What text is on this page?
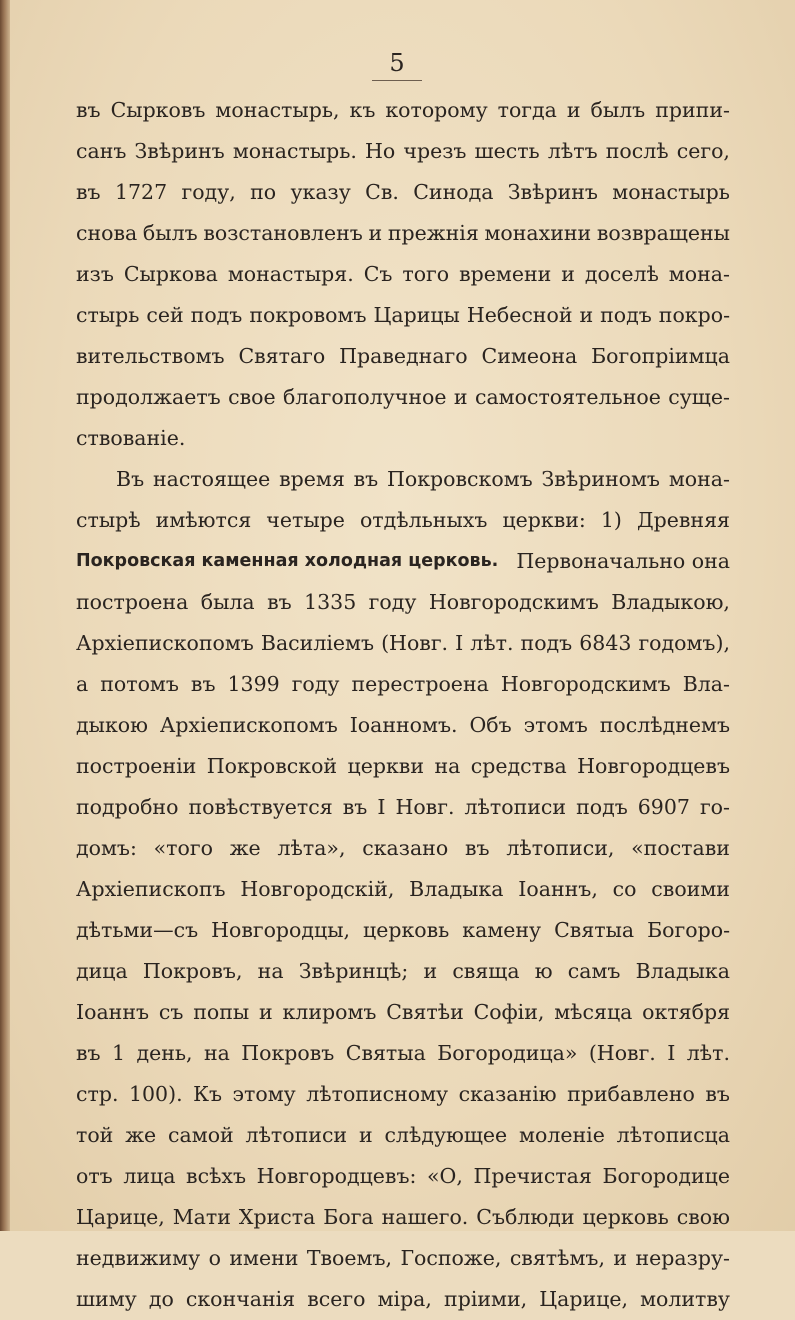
5
въ Сырковъ монастырь, къ которому тогда и былъ припи-
санъ Звѣринъ монастырь. Но чрезъ шесть лѣтъ послѣ сего,
въ 1727 году, по указу Св. Синода Звѣринъ монастырь
снова былъ возстановленъ и прежнія монахини возвращены
изъ Сыркова монастыря. Съ того времени и доселѣ мона-
стырь сей подъ покровомъ Царицы Небесной и подъ покро-
вительствомъ Святаго Праведнаго Симеона Богопріимца
продолжаетъ свое благополучное и самостоятельное суще-
ствованіе.
Въ настоящее время въ Покровскомъ Звѣриномъ мона-
стырѣ имѣются четыре отдѣльныхъ церкви: 1) Древняя
Покровская каменная холодная церковь. Первоначально она
построена была въ 1335 году Новгородскимъ Владыкою,
Архіепископомъ Василіемъ (Новг. I лѣт. подъ 6843 годомъ),
а потомъ въ 1399 году перестроена Новгородскимъ Вла-
дыкою Архіепископомъ Іоанномъ. Объ этомъ послѣднемъ
построеніи Покровской церкви на средства Новгородцевъ
подробно повѣствуется въ I Новг. лѣтописи подъ 6907 го-
домъ: «того же лѣта», сказано въ лѣтописи, «постави
Архіепископъ Новгородскій, Владыка Іоаннъ, со своими
дѣтьми—съ Новгородцы, церковь камену Святыа Богоро-
дица Покровъ, на Звѣринцѣ; и свяща ю самъ Владыка
Іоаннъ съ попы и клиромъ Святѣи Софіи, мѣсяца октября
въ 1 день, на Покровъ Святыа Богородица» (Новг. I лѣт.
стр. 100). Къ этому лѣтописному сказанію прибавлено въ
той же самой лѣтописи и слѣдующее моленіе лѣтописца
отъ лица всѣхъ Новгородцевъ: «О, Пречистая Богородице
Царице, Мати Христа Бога нашего. Съблюди церковь свою
недвижиму о имени Твоемъ, Госпоже, святѣмъ, и неразру-
шиму до скончанія всего міра, пріими, Царице, молитву
